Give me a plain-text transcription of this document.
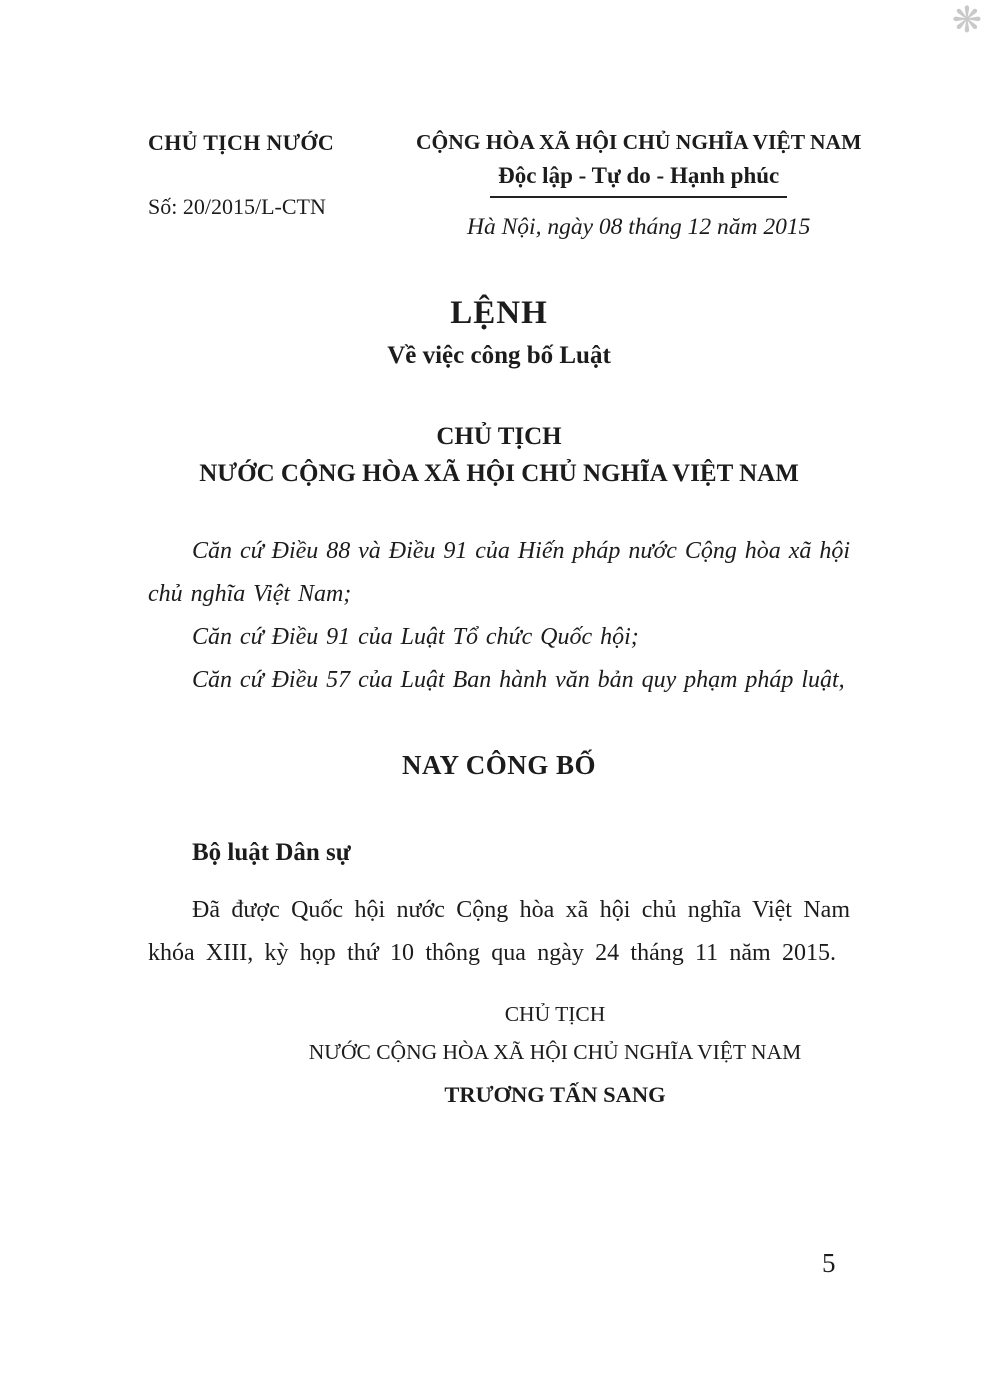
❋
CHỦ TỊCH NƯỚC
Số: 20/2015/L-CTN
CỘNG HÒA XÃ HỘI CHỦ NGHĨA VIỆT NAM
Độc lập - Tự do - Hạnh phúc
Hà Nội, ngày 08 tháng 12 năm 2015
LỆNH
Về việc công bố Luật
CHỦ TỊCH
NƯỚC CỘNG HÒA XÃ HỘI CHỦ NGHĨA VIỆT NAM

Căn cứ Điều 88 và Điều 91 của Hiến pháp nước Cộng hòa xã hội chủ nghĩa Việt Nam;

Căn cứ Điều 91 của Luật Tổ chức Quốc hội;

Căn cứ Điều 57 của Luật Ban hành văn bản quy phạm pháp luật,

NAY CÔNG BỐ
Bộ luật Dân sự

Đã được Quốc hội nước Cộng hòa xã hội chủ nghĩa Việt Nam khóa XIII, kỳ họp thứ 10 thông qua ngày 24 tháng 11 năm 2015.

CHỦ TỊCH
NƯỚC CỘNG HÒA XÃ HỘI CHỦ NGHĨA VIỆT NAM
TRƯƠNG TẤN SANG
5
